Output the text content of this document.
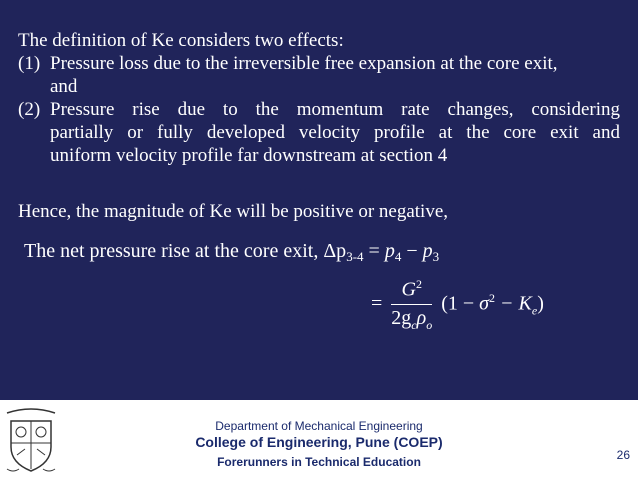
The definition of Ke considers two effects:
(1) Pressure loss due to the irreversible free expansion at the core exit,
and
(2) Pressure rise due to the momentum rate changes, considering
partially or fully developed velocity profile at the core exit and
uniform velocity profile far downstream at section 4
Hence, the magnitude of Ke will be positive or negative,
The net pressure rise at the core exit, $\Delta p_{3-4} = p_4 - p_3$
= $\frac{G^2}{2g_c\rho_o} (1 - \sigma^2 - K_e)$
Department of Mechanical Engineering
College of Engineering, Pune (COEP)
Forerunners in Technical Education	26
